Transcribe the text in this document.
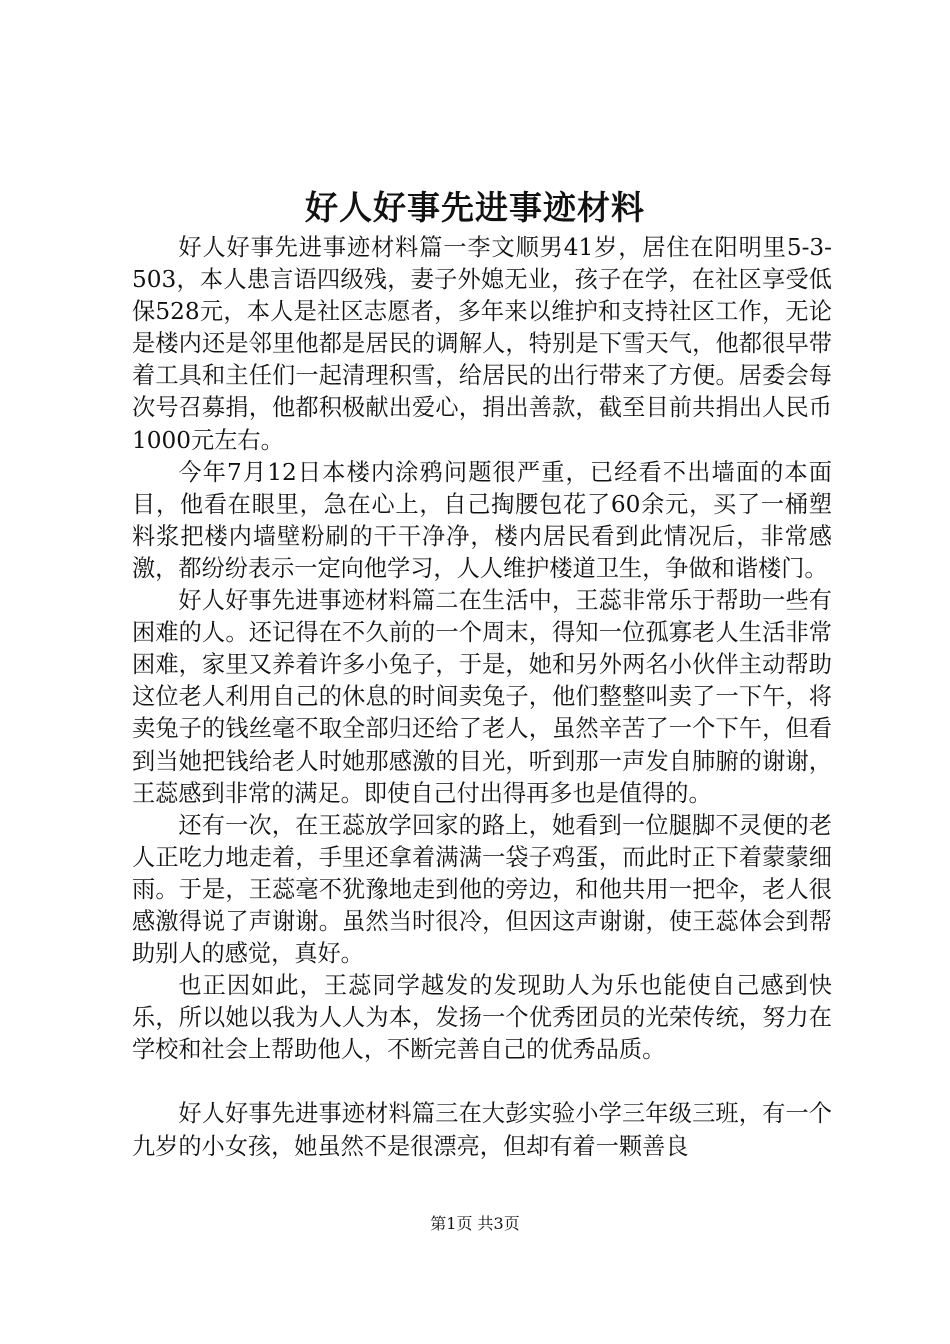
好人好事先进事迹材料

好人好事先进事迹材料篇一李文顺男41岁，居住在阳明里5-3-503，本人患言语四级残，妻子外媳无业，孩子在学，在社区享受低保528元，本人是社区志愿者，多年来以维护和支持社区工作，无论是楼内还是邻里他都是居民的调解人，特别是下雪天气，他都很早带着工具和主任们一起清理积雪，给居民的出行带来了方便。居委会每次号召募捐，他都积极献出爱心，捐出善款，截至目前共捐出人民币1000元左右。

今年7月12日本楼内涂鸦问题很严重，已经看不出墙面的本面目，他看在眼里，急在心上，自己掏腰包花了60余元，买了一桶塑料浆把楼内墙壁粉刷的干干净净，楼内居民看到此情况后，非常感激，都纷纷表示一定向他学习，人人维护楼道卫生，争做和谐楼门。

好人好事先进事迹材料篇二在生活中，王蕊非常乐于帮助一些有困难的人。还记得在不久前的一个周末，得知一位孤寡老人生活非常困难，家里又养着许多小兔子，于是，她和另外两名小伙伴主动帮助这位老人利用自己的休息的时间卖兔子，他们整整叫卖了一下午，将卖兔子的钱丝毫不取全部归还给了老人，虽然辛苦了一个下午，但看到当她把钱给老人时她那感激的目光，听到那一声发自肺腑的谢谢，王蕊感到非常的满足。即使自己付出得再多也是值得的。

还有一次，在王蕊放学回家的路上，她看到一位腿脚不灵便的老人正吃力地走着，手里还拿着满满一袋子鸡蛋，而此时正下着蒙蒙细雨。于是，王蕊毫不犹豫地走到他的旁边，和他共用一把伞，老人很感激得说了声谢谢。虽然当时很冷，但因这声谢谢，使王蕊体会到帮助别人的感觉，真好。

也正因如此，王蕊同学越发的发现助人为乐也能使自己感到快乐，所以她以我为人人为本，发扬一个优秀团员的光荣传统，努力在学校和社会上帮助他人，不断完善自己的优秀品质。

好人好事先进事迹材料篇三在大彭实验小学三年级三班，有一个九岁的小女孩，她虽然不是很漂亮，但却有着一颗善良

第1页 共3页
